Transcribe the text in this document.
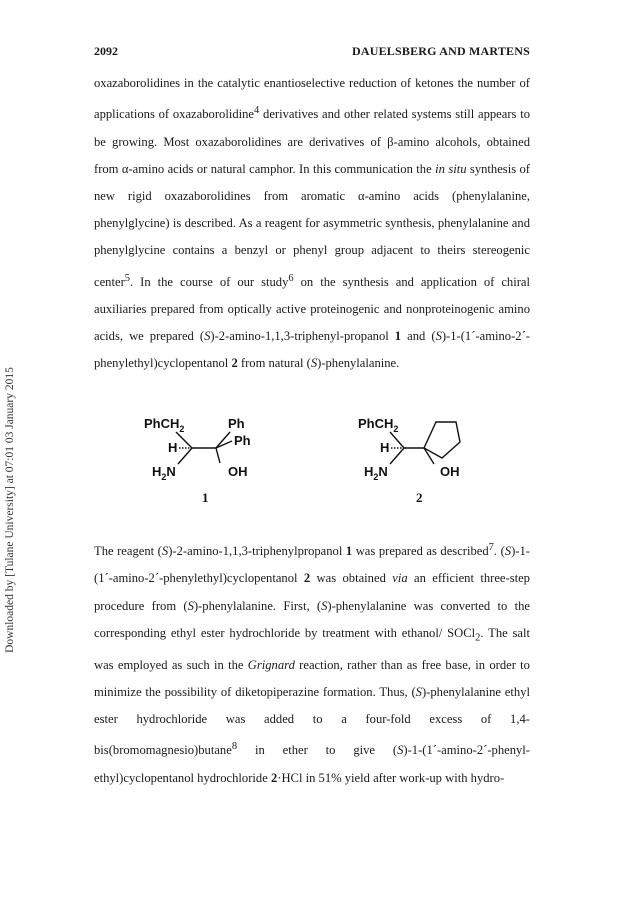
Downloaded by [Tulane University] at 07:01 03 January 2015
2092	DAUELSBERG AND MARTENS

oxazaborolidines in the catalytic enantioselective reduction of ketones the number of applications of oxazaborolidine$^4$ derivatives and other related systems still appears to be growing. Most oxazaborolidines are derivatives of β-amino alcohols, obtained from α-amino acids or natural camphor. In this communication the in situ synthesis of new rigid oxazaborolidines from aromatic α-amino acids (phenylalanine, phenylglycine) is described. As a reagent for asymmetric synthesis, phenylalanine and phenylglycine contains a benzyl or phenyl group adjacent to theirs stereogenic center$^5$. In the course of our study$^6$ on the synthesis and application of chiral auxiliaries prepared from optically active proteinogenic and nonproteinogenic amino acids, we prepared (S)-2-amino-1,1,3-triphenyl-propanol 1 and (S)-1-(1´-amino-2´-phenylethyl)cyclopentanol 2 from natural (S)-phenylalanine.

PhCH$_2$	Ph
Ph
H
$H_2N$	OH
1
PhCH$_2$
H
$H_2N$	OH
2

The reagent (S)-2-amino-1,1,3-triphenylpropanol 1 was prepared as described$^7$. (S)-1-(1´-amino-2´-phenylethyl)cyclopentanol 2 was obtained via an efficient three-step procedure from (S)-phenylalanine. First, (S)-phenylalanine was converted to the corresponding ethyl ester hydrochloride by treatment with ethanol/ SOCl$_2$. The salt was employed as such in the Grignard reaction, rather than as free base, in order to minimize the possibility of diketopiperazine formation. Thus, (S)-phenylalanine ethyl ester hydrochloride was added to a four-fold excess of 1,4-bis(bromomagnesio)butane$^8$ in ether to give (S)-1-(1´-amino-2´-phenyl-ethyl)cyclopentanol hydrochloride 2·HCl in 51% yield after work-up with hydro-
